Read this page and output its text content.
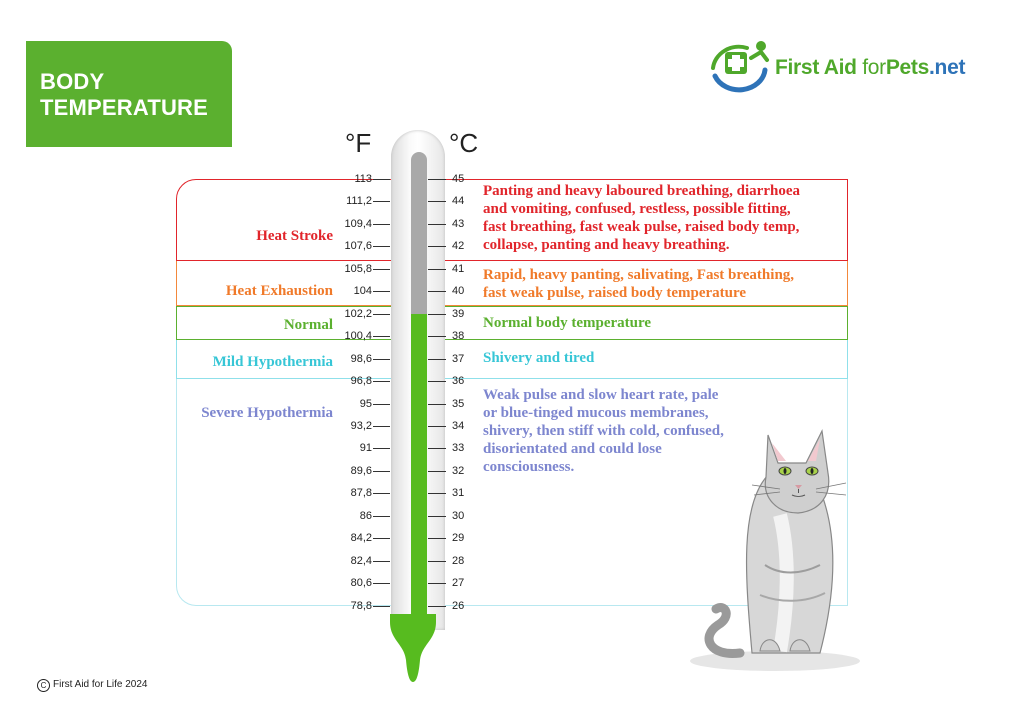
BODY
TEMPERATURE
First Aid forPets.net
°F	°C
Heat Stroke
Heat Exhaustion
Normal
Mild Hypothermia
Severe Hypothermia
Panting and heavy laboured breathing, diarrhoea
and vomiting, confused, restless, possible fitting,
fast breathing, fast weak pulse, raised body temp,
collapse, panting and heavy breathing.
Rapid, heavy panting, salivating, Fast breathing,
fast weak pulse, raised body temperature
Normal body temperature
Shivery and tired
Weak pulse and slow heart rate, pale
or blue-tinged mucous membranes,
shivery, then stiff with cold, confused,
disorientated and could lose
consciousness.
113	45
111,2	44
109,4	43
107,6	42
105,8	41
104	40
102,2	39
100,4	38
98,6	37
96,8	36
95	35
93,2	34
91	33
89,6	32
87,8	31
86	30
84,2	29
82,4	28
80,6	27
78,8	26
C First Aid for Life 2024
